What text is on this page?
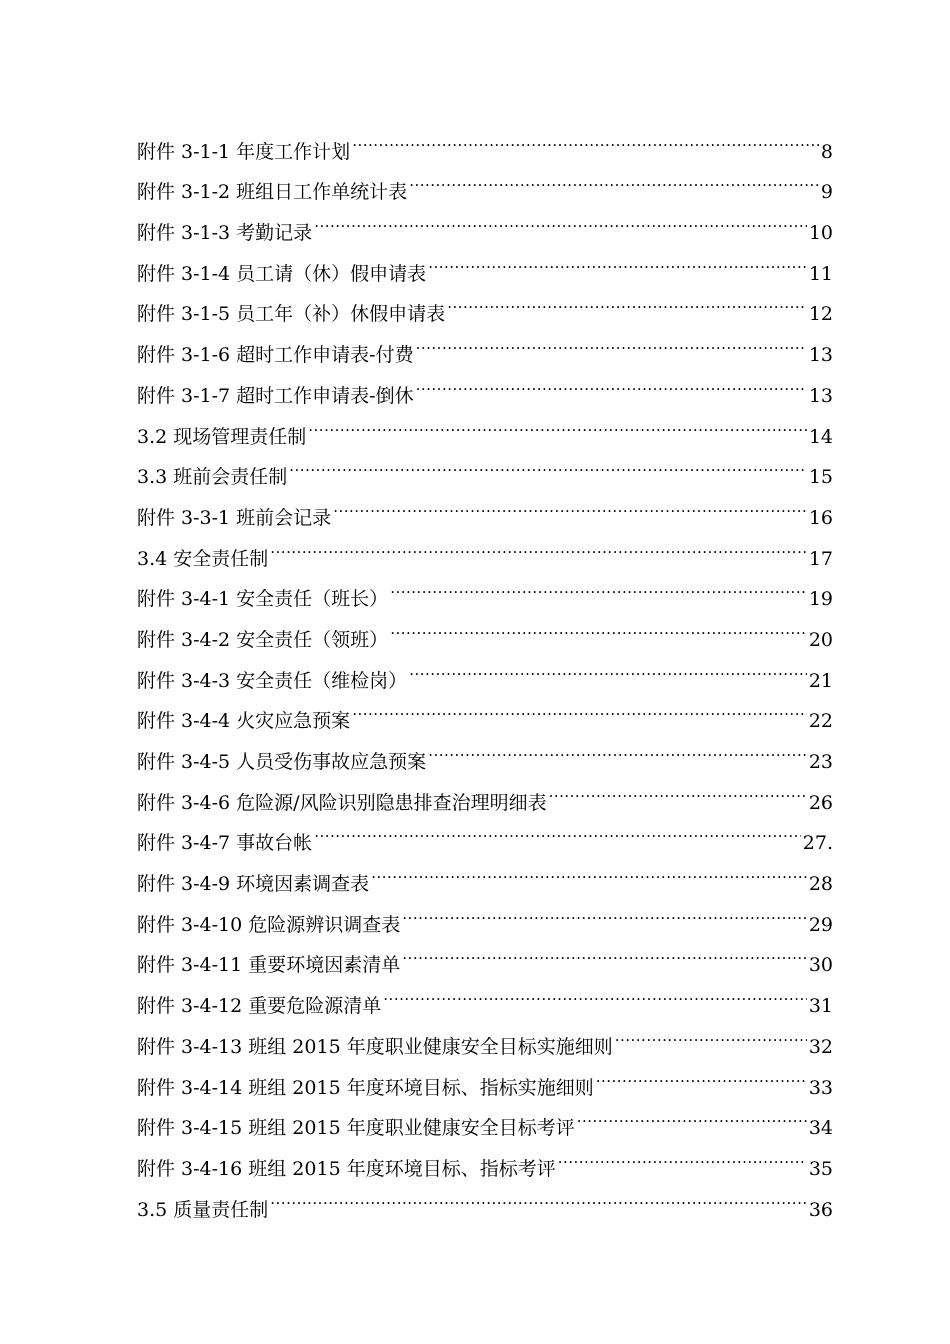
附件 3-1-1 年度工作计划 .....	8
附件 3-1-2 班组日工作单统计表 .....	9
附件 3-1-3 考勤记录 .....	10
附件 3-1-4 员工请（休）假申请表 .....	11
附件 3-1-5 员工年（补）休假申请表 .....	12
附件 3-1-6 超时工作申请表-付费 .....	13
附件 3-1-7 超时工作申请表-倒休 .....	13
3.2 现场管理责任制 .....	14
3.3 班前会责任制 .....	15
附件 3-3-1 班前会记录 .....	16
3.4 安全责任制 .....	17
附件 3-4-1 安全责任（班长） .....	19
附件 3-4-2 安全责任（领班） .....	20
附件 3-4-3 安全责任（维检岗） .....	21
附件 3-4-4 火灾应急预案 .....	22
附件 3-4-5 人员受伤事故应急预案 .....	23
附件 3-4-6 危险源/风险识别隐患排查治理明细表 .....	26
附件 3-4-7 事故台帐 .....	27.
附件 3-4-9 环境因素调查表 .....	28
附件 3-4-10 危险源辨识调查表 .....	29
附件 3-4-11 重要环境因素清单 .....	30
附件 3-4-12 重要危险源清单 .....	31
附件 3-4-13 班组 2015 年度职业健康安全目标实施细则 .....	32
附件 3-4-14 班组 2015 年度环境目标、指标实施细则 .....	33
附件 3-4-15 班组 2015 年度职业健康安全目标考评 .....	34
附件 3-4-16 班组 2015 年度环境目标、指标考评 .....	35
3.5 质量责任制 .....	36
